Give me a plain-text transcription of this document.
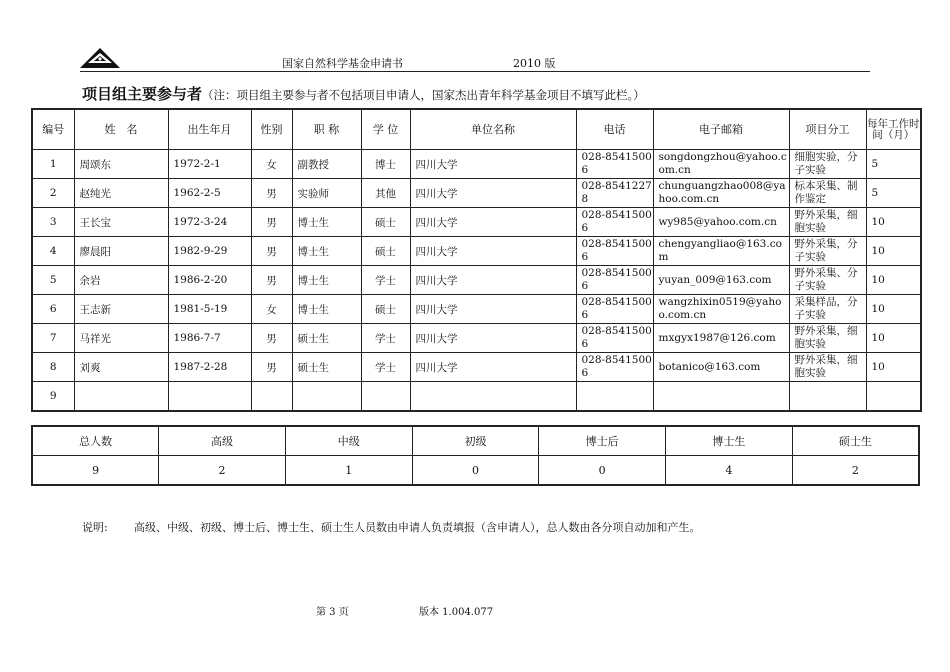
国家自然科学基金申请书	2010 版
项目组主要参与者（注：项目组主要参与者不包括项目申请人，国家杰出青年科学基金项目不填写此栏。）
编号	姓　名	出生年月	性别	职 称	学 位	单位名称	电话	电子邮箱	项目分工	每年工作时间（月）
1	周颂东	1972-2-1	女	副教授	博士	四川大学	028-85415006	songdongzhou@yahoo.com.cn	细胞实验，分子实验	5
2	赵纯光	1962-2-5	男	实验师	其他	四川大学	028-85412278	chunguangzhao008@yahoo.com.cn	标本采集、制作鉴定	5
3	王长宝	1972-3-24	男	博士生	硕士	四川大学	028-85415006	wy985@yahoo.com.cn	野外采集，细胞实验	10
4	廖晨阳	1982-9-29	男	博士生	硕士	四川大学	028-85415006	chengyangliao@163.com	野外采集，分子实验	10
5	余岩	1986-2-20	男	博士生	学士	四川大学	028-85415006	yuyan_009@163.com	野外采集、分子实验	10
6	王志新	1981-5-19	女	博士生	硕士	四川大学	028-85415006	wangzhixin0519@yahoo.com.cn	采集样品，分子实验	10
7	马祥光	1986-7-7	男	硕士生	学士	四川大学	028-85415006	mxgyx1987@126.com	野外采集，细胞实验	10
8	刘爽	1987-2-28	男	硕士生	学士	四川大学	028-85415006	botanico@163.com	野外采集，细胞实验	10
9										
总人数	高级	中级	初级	博士后	博士生	硕士生
9	2	1	0	0	4	2
说明: 高级、中级、初级、博士后、博士生、硕士生人员数由申请人负责填报（含申请人），总人数由各分项自动加和产生。
第 3 页	版本 1.004.077
